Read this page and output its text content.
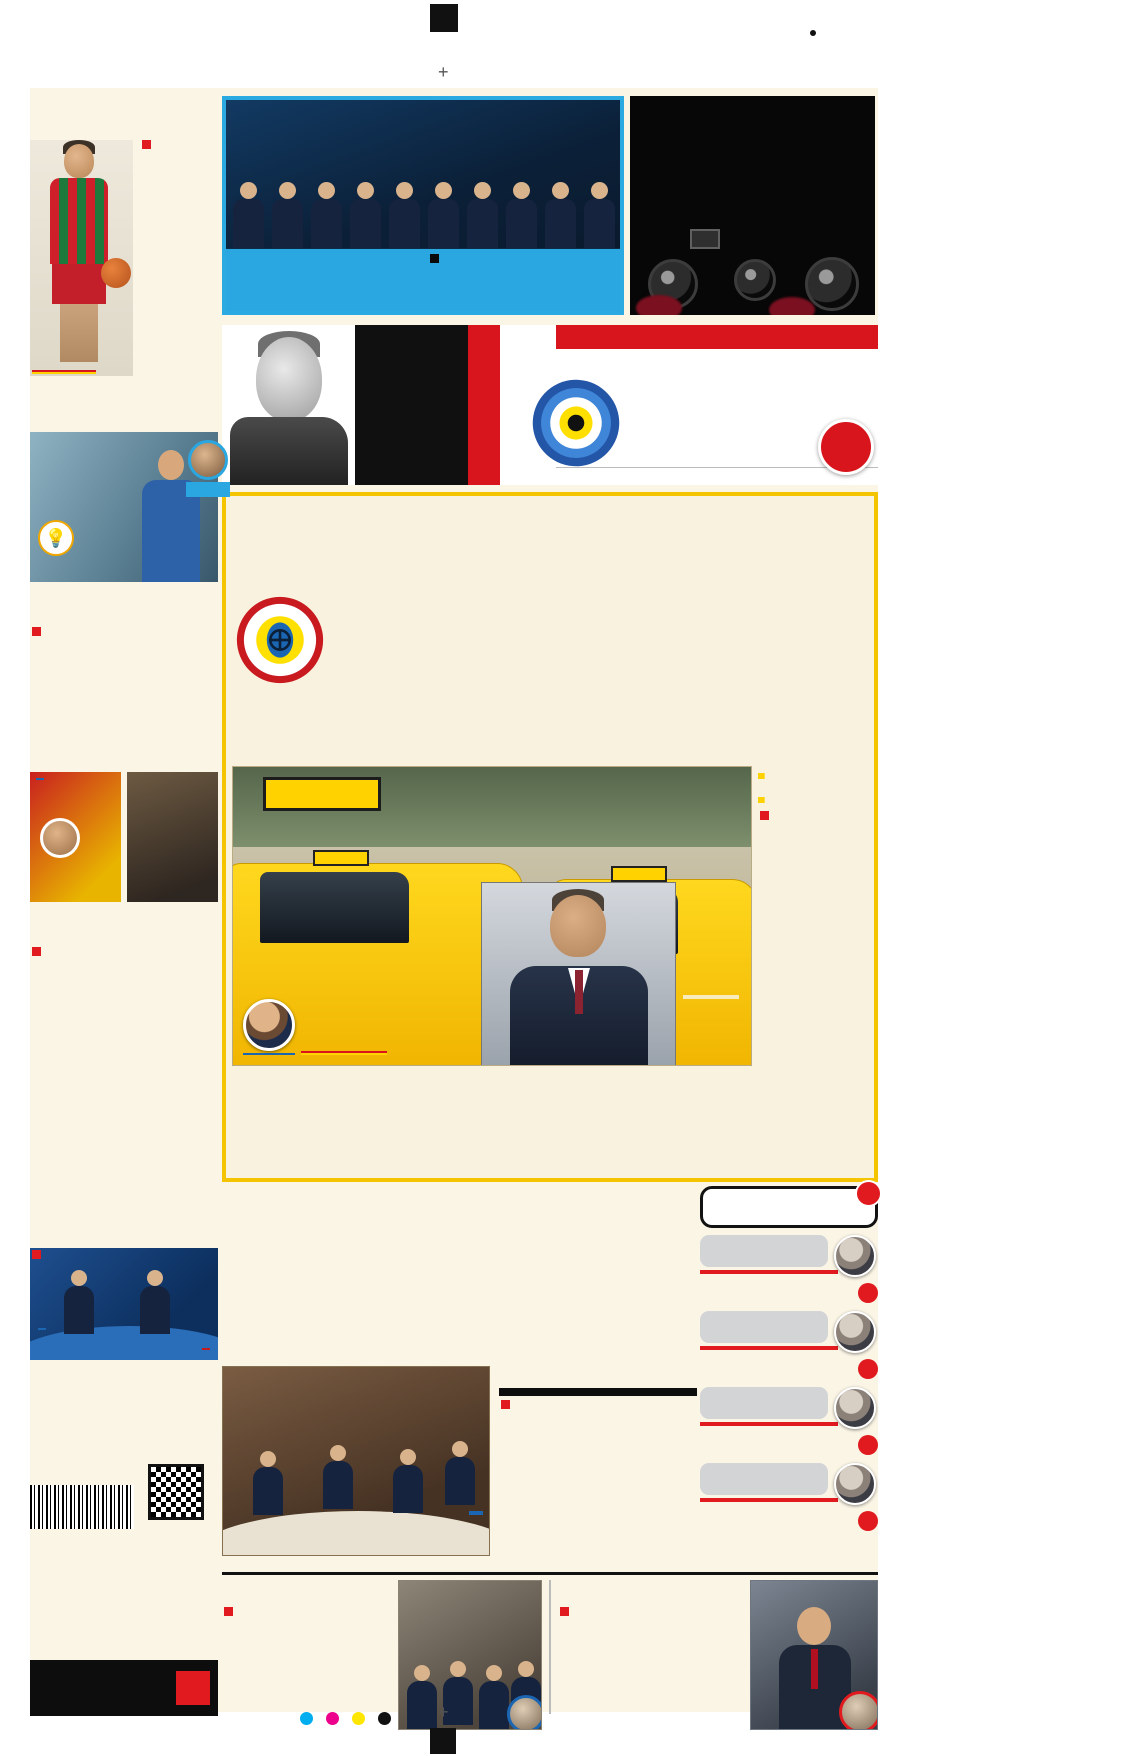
+

💡

+
